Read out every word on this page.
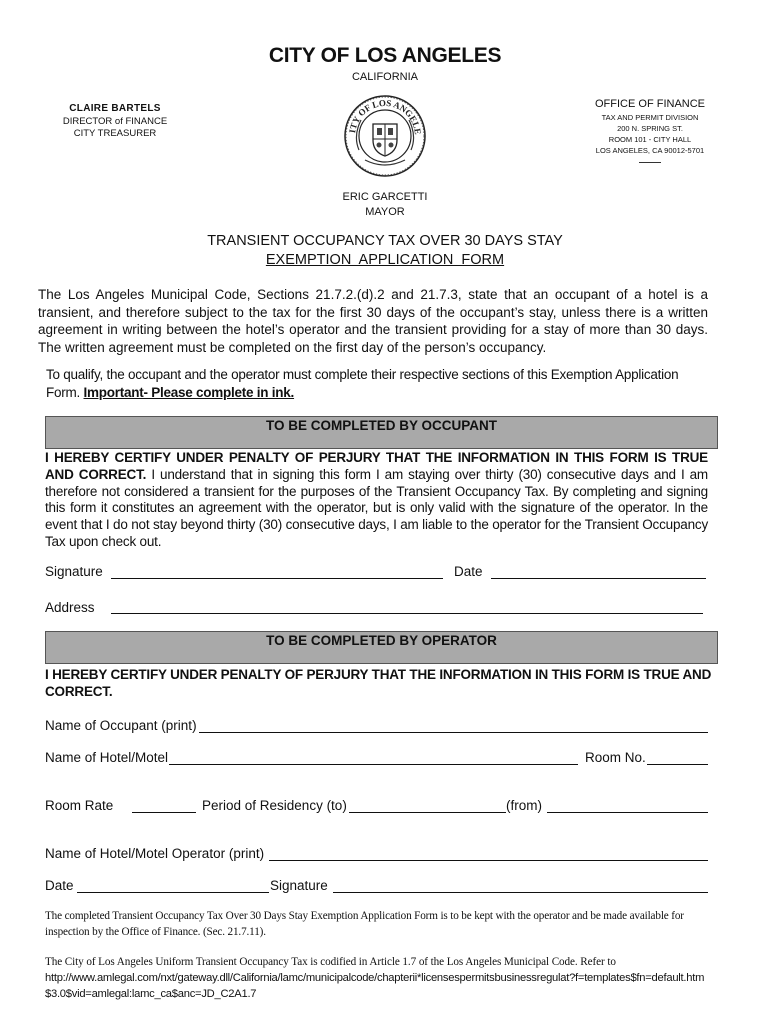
CITY OF LOS ANGELES
CALIFORNIA
CLAIRE BARTELS
DIRECTOR of FINANCE
CITY TREASURER	ITY OF LOS ANGELE
OFFICE OF FINANCE
TAX AND PERMIT DIVISION
200 N. SPRING ST.
ROOM 101 - CITY HALL
LOS ANGELES, CA 90012-5701
ERIC GARCETTI
MAYOR
TRANSIENT OCCUPANCY TAX OVER 30 DAYS STAY
EXEMPTION  APPLICATION  FORM
The Los Angeles Municipal Code, Sections 21.7.2.(d).2 and 21.7.3, state that an occupant of a hotel is a transient, and therefore subject to the tax for the first 30 days of the occupant’s stay, unless there is a written agreement in writing between the hotel’s operator and the transient providing for a stay of more than 30 days. The written agreement must be completed on the first day of the person’s occupancy.
To qualify, the occupant and the operator must complete their respective sections of this Exemption Application Form. Important- Please complete in ink.
TO BE COMPLETED BY OCCUPANT
I HEREBY CERTIFY UNDER PENALTY OF PERJURY THAT THE INFORMATION IN THIS FORM IS TRUE AND CORRECT. I understand that in signing this form I am staying over thirty (30) consecutive days and I am therefore not considered a transient for the purposes of the Transient Occupancy Tax. By completing and signing this form it constitutes an agreement with the operator, but is only valid with the signature of the operator. In the event that I do not stay beyond thirty (30) consecutive days, I am liable to the operator for the Transient Occupancy Tax upon check out.
Signature	Date
Address
TO BE COMPLETED BY OPERATOR
I HEREBY CERTIFY UNDER PENALTY OF PERJURY THAT THE INFORMATION IN THIS FORM IS TRUE AND CORRECT.
Name of Occupant (print)
Name of Hotel/Motel	Room No.
Room Rate	Period of Residency (to)	(from)
Name of Hotel/Motel Operator (print)
Date	Signature
The completed Transient Occupancy Tax Over 30 Days Stay Exemption Application Form is to be kept with the operator and be made available for inspection by the Office of Finance. (Sec. 21.7.11).
The City of Los Angeles Uniform Transient Occupancy Tax is codified in Article 1.7 of the Los Angeles Municipal Code. Refer to
http://www.amlegal.com/nxt/gateway.dll/California/lamc/municipalcode/chapterii*licensespermitsbusinessregulat?f=templates$fn=default.htm$3.0$vid=amlegal:lamc_ca$anc=JD_C2A1.7
